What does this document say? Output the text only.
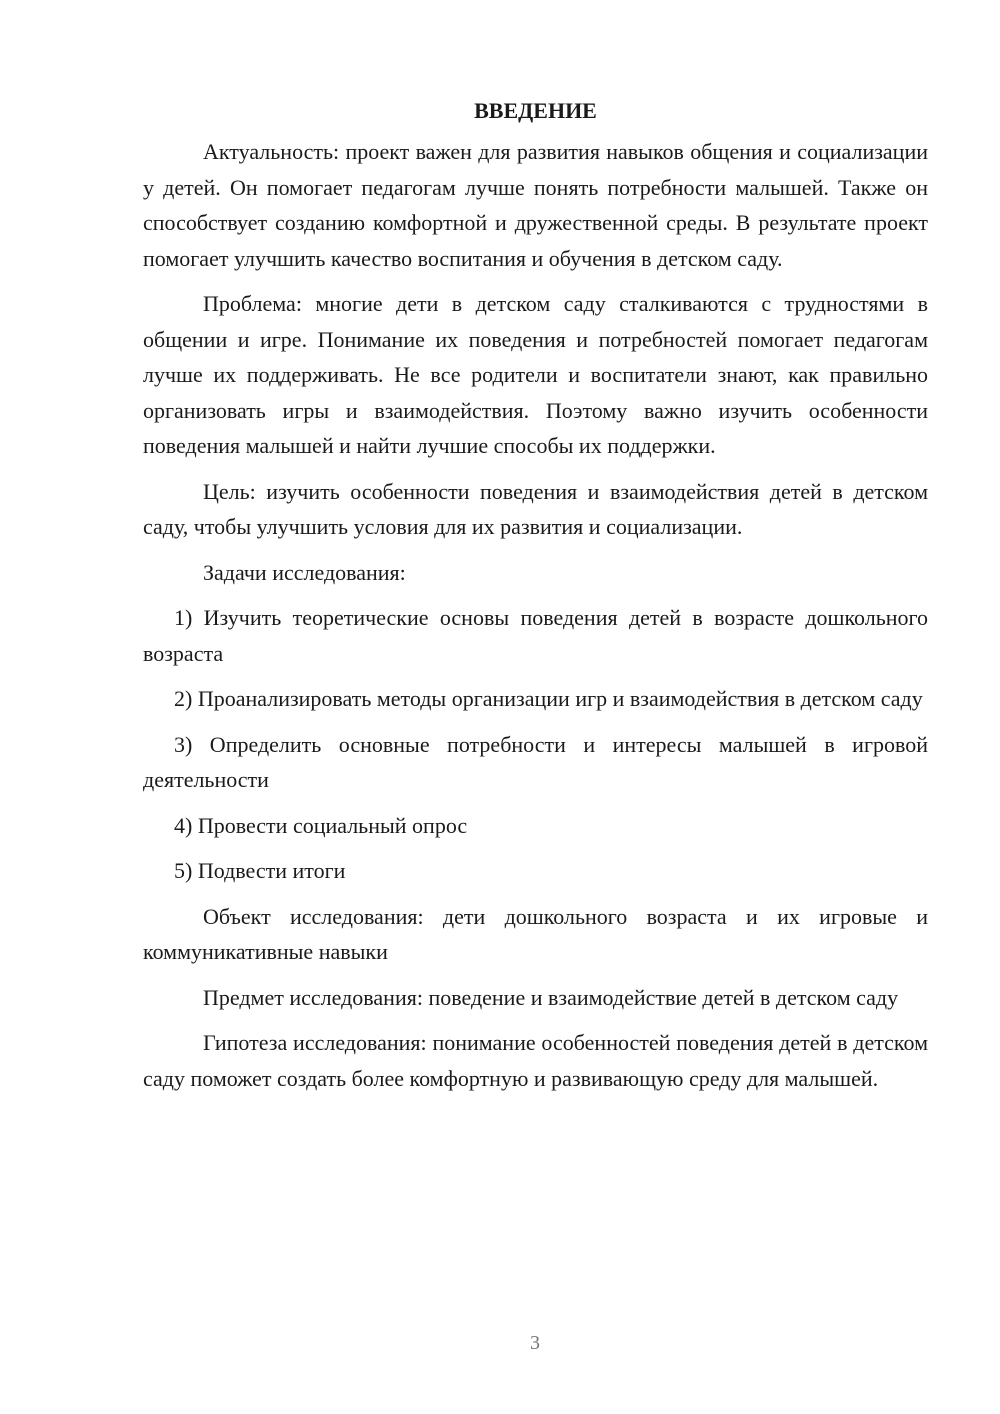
ВВЕДЕНИЕ

Актуальность: проект важен для развития навыков общения и социализации у детей. Он помогает педагогам лучше понять потребности малышей. Также он способствует созданию комфортной и дружественной среды. В результате проект помогает улучшить качество воспитания и обучения в детском саду.

Проблема: многие дети в детском саду сталкиваются с трудностями в общении и игре. Понимание их поведения и потребностей помогает педагогам лучше их поддерживать. Не все родители и воспитатели знают, как правильно организовать игры и взаимодействия. Поэтому важно изучить особенности поведения малышей и найти лучшие способы их поддержки.

Цель: изучить особенности поведения и взаимодействия детей в детском саду, чтобы улучшить условия для их развития и социализации.

Задачи исследования:

1) Изучить теоретические основы поведения детей в возрасте дошкольного возраста

2) Проанализировать методы организации игр и взаимодействия в детском саду

3) Определить основные потребности и интересы малышей в игровой деятельности

4) Провести социальный опрос

5) Подвести итоги

Объект исследования: дети дошкольного возраста и их игровые и коммуникативные навыки

Предмет исследования: поведение и взаимодействие детей в детском саду

Гипотеза исследования: понимание особенностей поведения детей в детском саду поможет создать более комфортную и развивающую среду для малышей.

3
